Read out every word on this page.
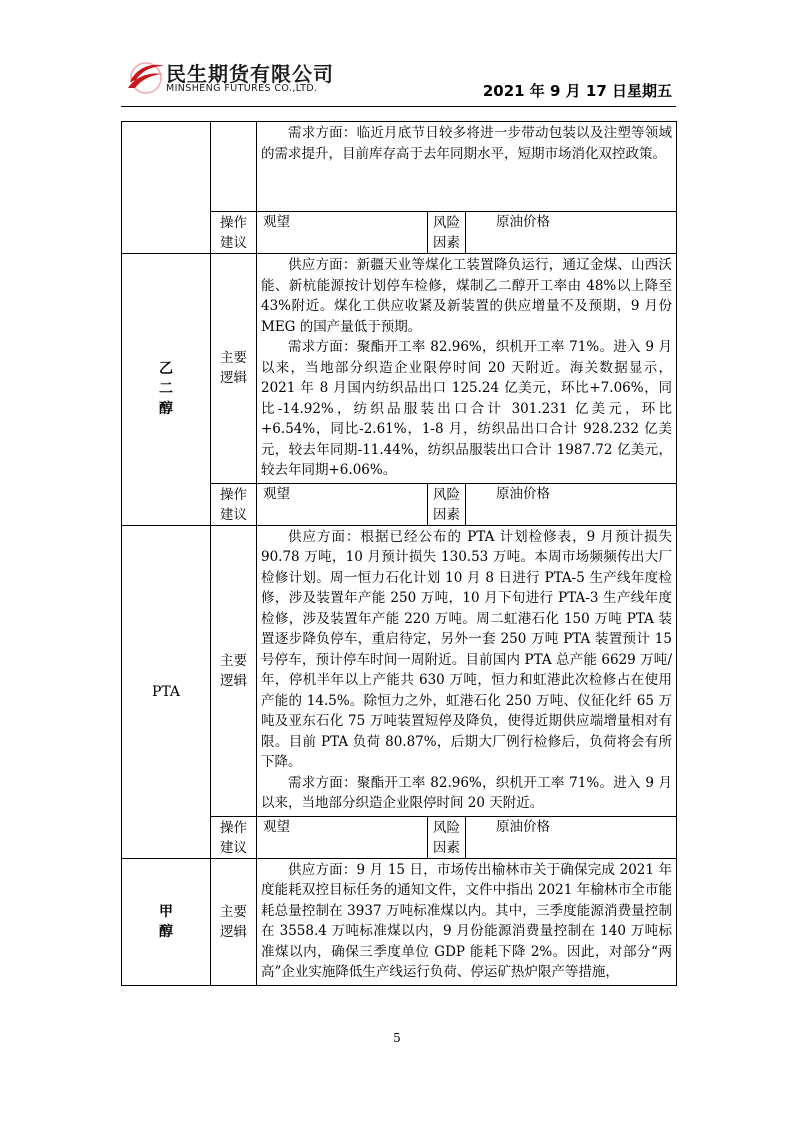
民生期货有限公司
MINSHENG FUTURES CO.,LTD.	2021 年 9 月 17 日星期五

		需求方面：临近月底节日较多将进一步带动包装以及注塑等领域的需求提升，目前库存高于去年同期水平，短期市场消化双控政策。		

	操作建议	观望	风险因素	原油价格
乙二醇	主要逻辑	供应方面：新疆天业等煤化工装置降负运行，通辽金煤、山西沃能、新杭能源按计划停车检修，煤制乙二醇开工率由 48%以上降至 43%附近。煤化工供应收紧及新装置的供应增量不及预期，9 月份 MEG 的国产量低于预期。

需求方面：聚酯开工率 82.96%，织机开工率 71%。进入 9 月以来，当地部分织造企业限停时间 20 天附近。海关数据显示，2021 年 8 月国内纺织品出口 125.24 亿美元，环比+7.06%，同比-14.92%，纺织品服装出口合计 301.231 亿美元，环比+6.54%，同比-2.61%，1-8 月，纺织品出口合计 928.232 亿美元，较去年同期-11.44%，纺织品服装出口合计 1987.72 亿美元，较去年同期+6.06%。		

	操作建议	观望	风险因素	原油价格
PTA	主要逻辑	供应方面：根据已经公布的 PTA 计划检修表，9 月预计损失 90.78 万吨，10 月预计损失 130.53 万吨。本周市场频频传出大厂检修计划。周一恒力石化计划 10 月 8 日进行 PTA-5 生产线年度检修，涉及装置年产能 250 万吨，10 月下旬进行 PTA-3 生产线年度检修，涉及装置年产能 220 万吨。周二虹港石化 150 万吨 PTA 装置逐步降负停车，重启待定，另外一套 250 万吨 PTA 装置预计 15 号停车，预计停车时间一周附近。目前国内 PTA 总产能 6629 万吨/年，停机半年以上产能共 630 万吨，恒力和虹港此次检修占在使用产能的 14.5%。除恒力之外，虹港石化 250 万吨、仪征化纤 65 万吨及亚东石化 75 万吨装置短停及降负，使得近期供应端增量相对有限。目前 PTA 负荷 80.87%，后期大厂例行检修后，负荷将会有所下降。

需求方面：聚酯开工率 82.96%，织机开工率 71%。进入 9 月以来，当地部分织造企业限停时间 20 天附近。		

	操作建议	观望	风险因素	原油价格
甲醇	主要逻辑	供应方面：9 月 15 日，市场传出榆林市关于确保完成 2021 年度能耗双控目标任务的通知文件，文件中指出 2021 年榆林市全市能耗总量控制在 3937 万吨标准煤以内。其中，三季度能源消费量控制在 3558.4 万吨标准煤以内，9 月份能源消费量控制在 140 万吨标准煤以内，确保三季度单位 GDP 能耗下降 2%。因此，对部分“两高”企业实施降低生产线运行负荷、停运矿热炉限产等措施，		

5
